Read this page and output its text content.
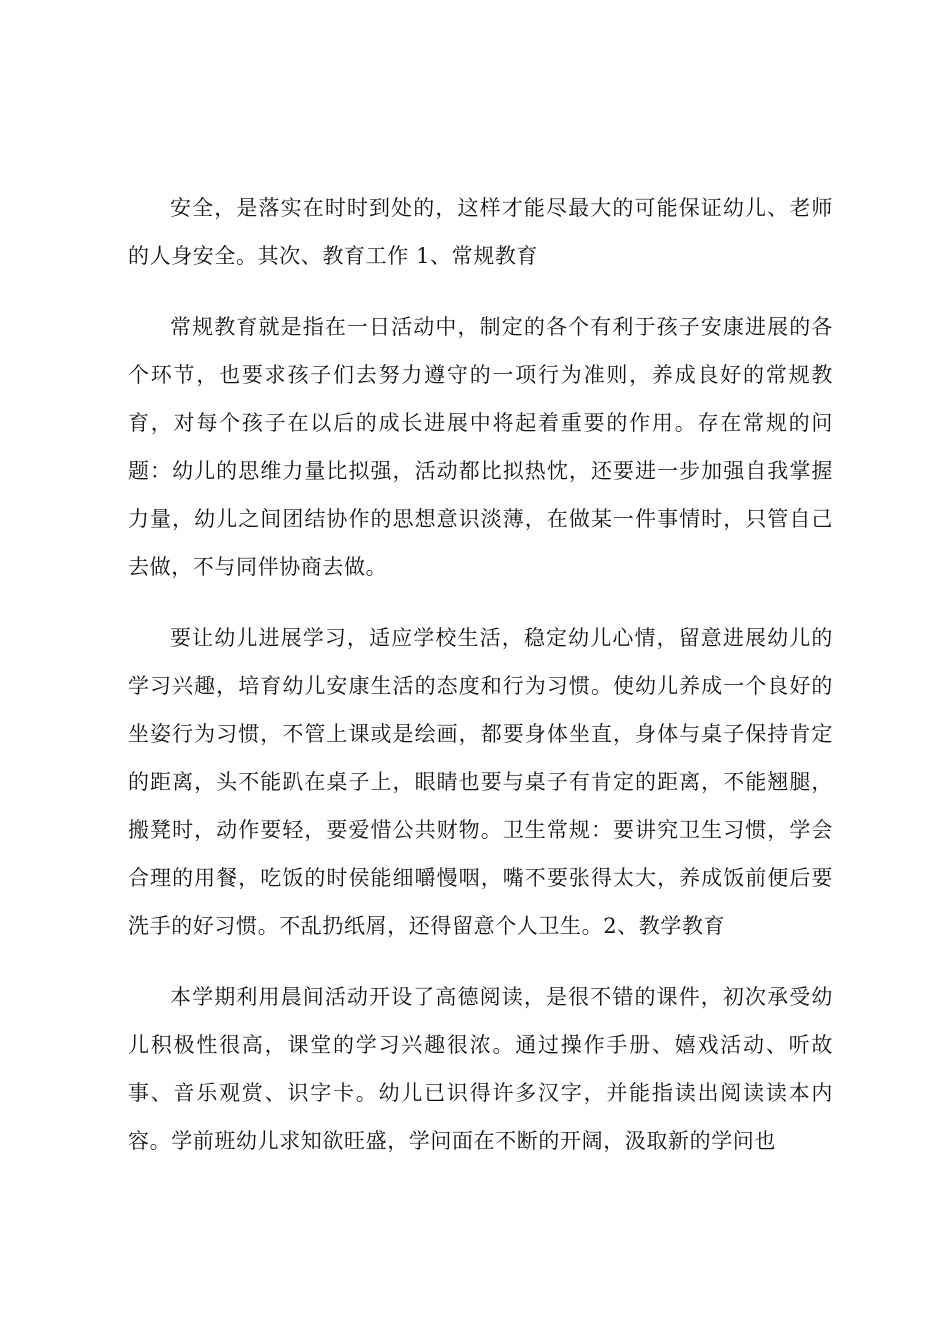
安全，是落实在时时到处的，这样才能尽最大的可能保证幼儿、老师的人身安全。其次、教育工作 1、常规教育

常规教育就是指在一日活动中，制定的各个有利于孩子安康进展的各个环节，也要求孩子们去努力遵守的一项行为准则，养成良好的常规教育，对每个孩子在以后的成长进展中将起着重要的作用。存在常规的问题：幼儿的思维力量比拟强，活动都比拟热忱，还要进一步加强自我掌握力量，幼儿之间团结协作的思想意识淡薄，在做某一件事情时，只管自己去做，不与同伴协商去做。

要让幼儿进展学习，适应学校生活，稳定幼儿心情，留意进展幼儿的学习兴趣，培育幼儿安康生活的态度和行为习惯。使幼儿养成一个良好的坐姿行为习惯，不管上课或是绘画，都要身体坐直，身体与桌子保持肯定的距离，头不能趴在桌子上，眼睛也要与桌子有肯定的距离，不能翘腿，搬凳时，动作要轻，要爱惜公共财物。卫生常规：要讲究卫生习惯，学会合理的用餐，吃饭的时侯能细嚼慢咽，嘴不要张得太大，养成饭前便后要洗手的好习惯。不乱扔纸屑，还得留意个人卫生。2、教学教育

本学期利用晨间活动开设了高德阅读，是很不错的课件，初次承受幼儿积极性很高，课堂的学习兴趣很浓。通过操作手册、嬉戏活动、听故事、音乐观赏、识字卡。幼儿已识得许多汉字，并能指读出阅读读本内容。学前班幼儿求知欲旺盛，学问面在不断的开阔，汲取新的学问也
